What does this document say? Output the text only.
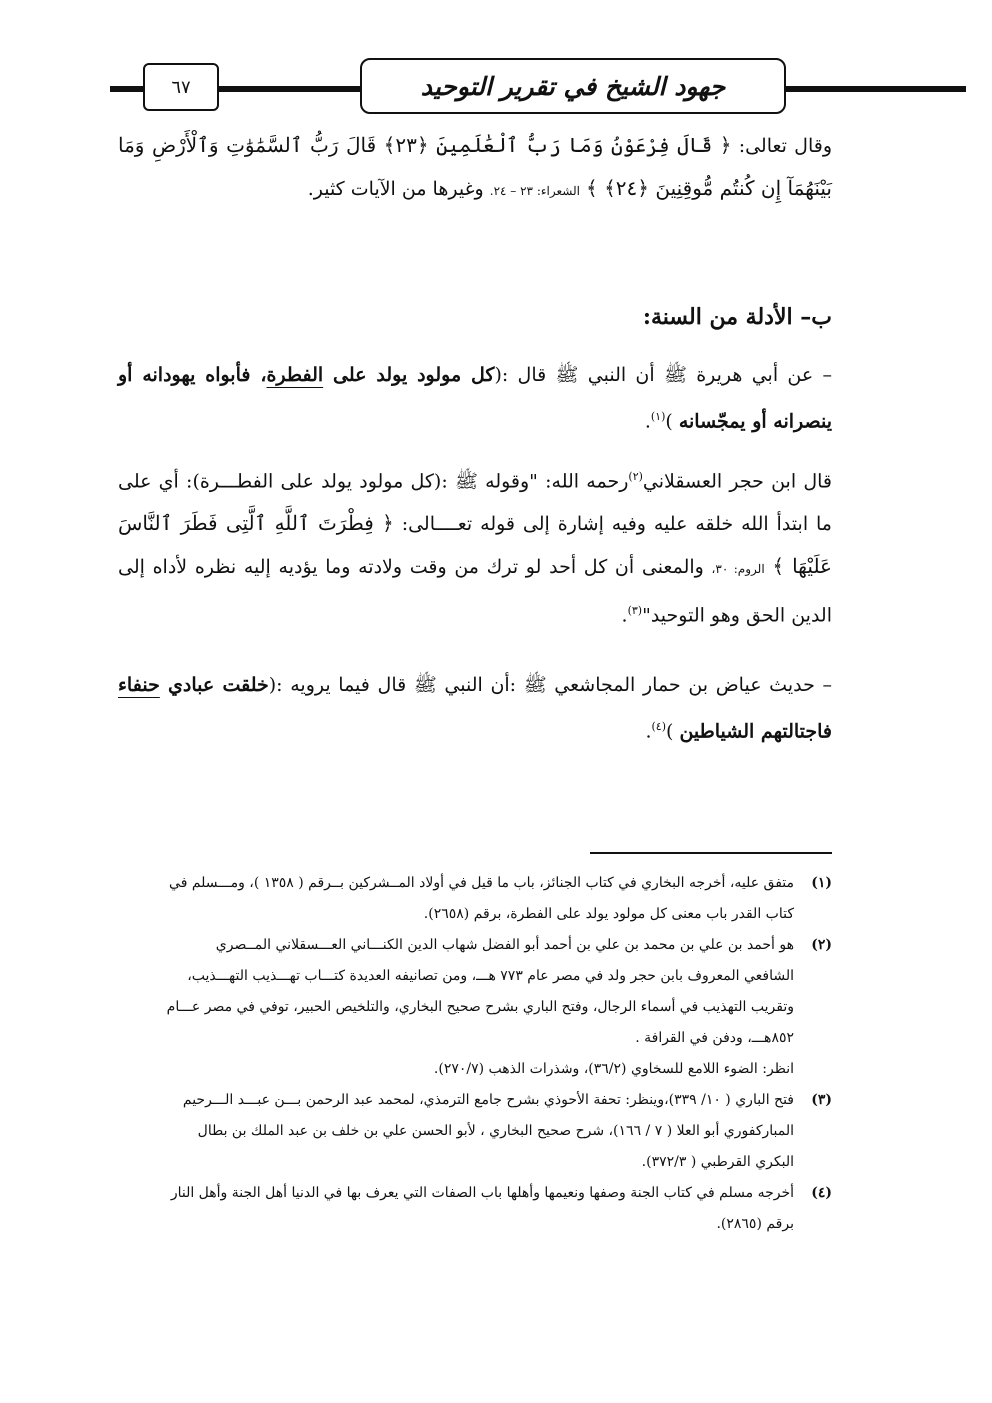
٦٧	جهود الشيخ في تقرير التوحيد

وقال تعالى: ﴿ قَالَ فِرْعَوْنُ وَمَا رَبُّ ٱلْعَٰلَمِينَ ﴿٢٣﴾ قَالَ رَبُّ ٱلسَّمَٰوَٰتِ وَٱلْأَرْضِ وَمَا بَيْنَهُمَآ إِن كُنتُم مُّوقِنِينَ ﴿٢٤﴾ ﴾ الشعراء: ٢٣ – ٢٤. وغيرها من الآيات كثير.

ب– الأدلة من السنة:

– عن أبي هريرة ﷺ أن النبي ﷺ قال :(كل مولود يولد على الفطرة، فأبواه يهودانه أو ينصرانه أو يمجّسانه )$^{(١)}$.

قال ابن حجر العسقلاني$^{(٢)}$رحمه الله: "وقوله ﷺ :(كل مولود يولد على الفطـــرة): أي على ما ابتدأ الله خلقه عليه وفيه إشارة إلى قوله تعــــالى: ﴿ فِطْرَتَ ٱللَّهِ ٱلَّتِى فَطَرَ ٱلنَّاسَ عَلَيْهَا ﴾ الروم: ٣٠، والمعنى أن كل أحد لو ترك من وقت ولادته وما يؤديه إليه نظره لأداه إلى الدين الحق وهو التوحيد"$^{(٣)}$.

– حديث عياض بن حمار المجاشعي ﷺ :أن النبي ﷺ قال فيما يرويه :(خلقت عبادي حنفاء فاجتالتهم الشياطين )$^{(٤)}$.

(١)
متفق عليه، أخرجه البخاري في كتاب الجنائز، باب ما قيل في أولاد المــشركين بــرقم ( ١٣٥٨ )، ومـــسلم في
كتاب القدر باب معنى كل مولود يولد على الفطرة، برقم (٢٦٥٨).
(٢)
هو أحمد بن علي بن محمد بن علي بن أحمد أبو الفضل شهاب الدين الكنـــاني العـــسقلاني المــصري
الشافعي المعروف بابن حجر ولد في مصر عام ٧٧٣ هـــ، ومن تصانيفه العديدة كتـــاب تهـــذيب التهـــذيب،
وتقريب التهذيب في أسماء الرجال، وفتح الباري بشرح صحيح البخاري، والتلخيص الحبير، توفي في مصر عـــام
٨٥٢هـــ، ودفن في القرافة .
انظر: الضوء اللامع للسخاوي (٣٦/٢)، وشذرات الذهب (٢٧٠/٧).
(٣)
فتح الباري ( ١٠/ ٣٣٩)،وينظر: تحفة الأحوذي بشرح جامع الترمذي، لمحمد عبد الرحمن بـــن عبـــد الـــرحيم
المباركفوري أبو العلا ( ٧ / ١٦٦)، شرح صحيح البخاري ، لأبو الحسن علي بن خلف بن عبد الملك بن بطال
البكري القرطبي ( ٣٧٢/٣).
(٤)
أخرجه مسلم في كتاب الجنة وصفها ونعيمها وأهلها باب الصفات التي يعرف بها في الدنيا أهل الجنة وأهل النار
برقم (٢٨٦٥).
